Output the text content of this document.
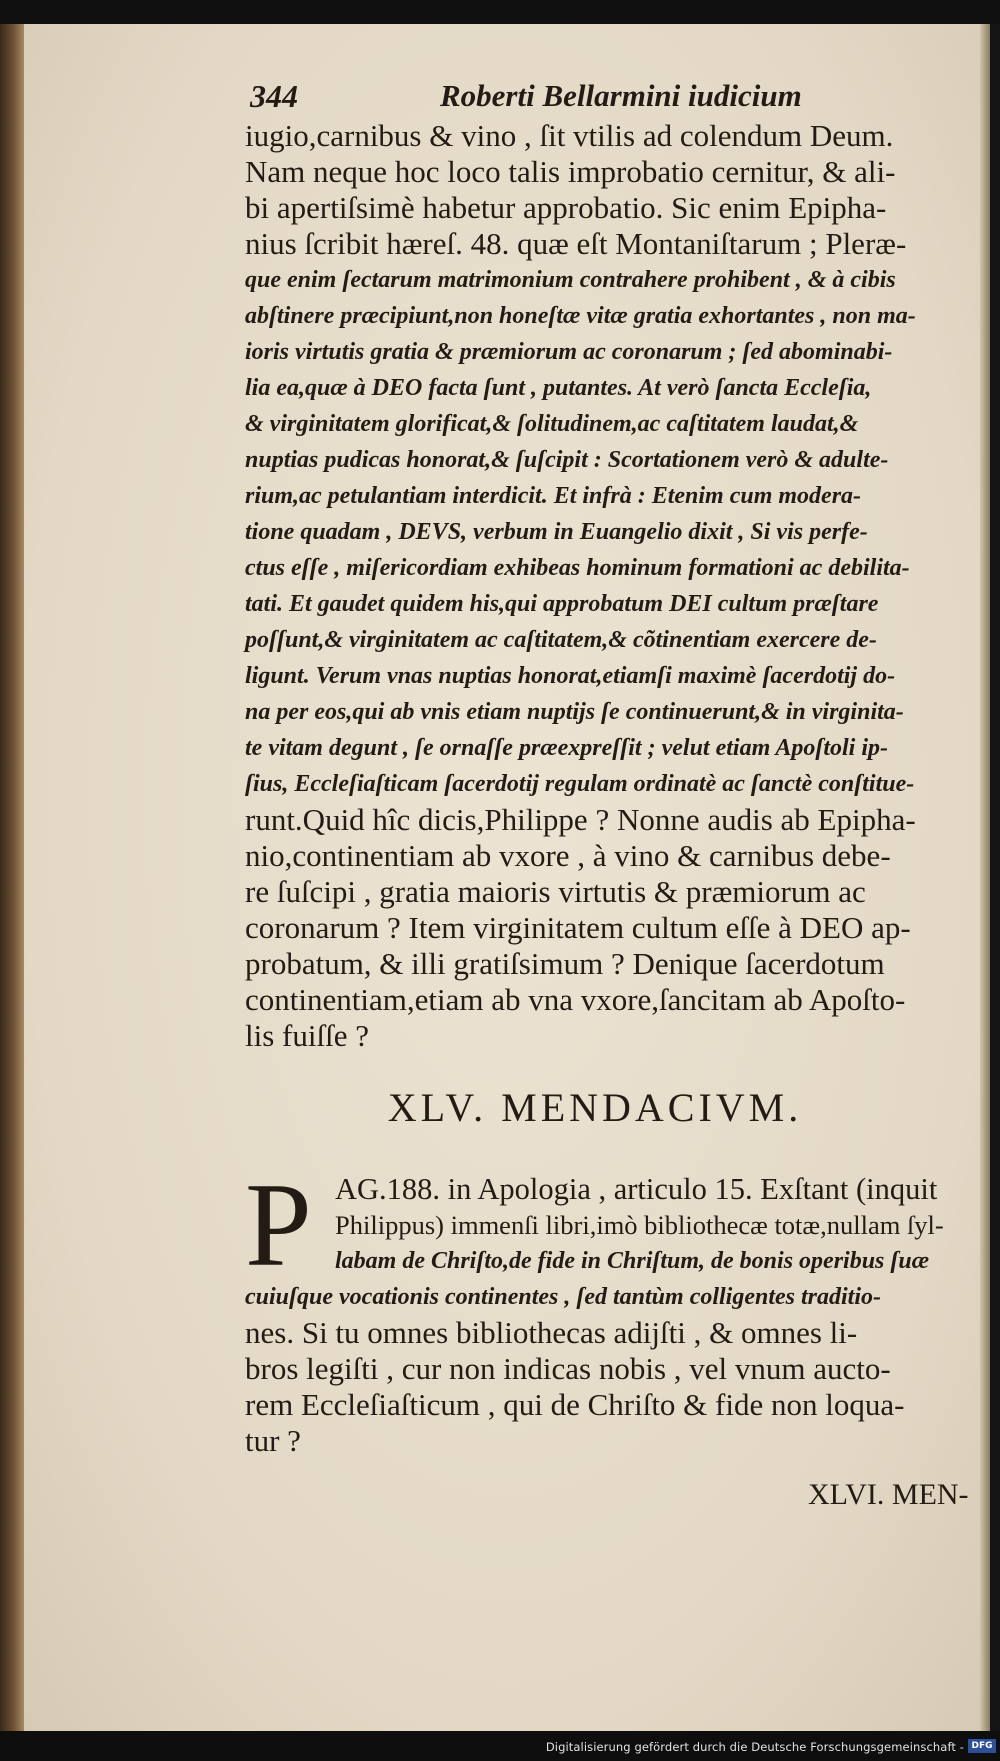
344	Roberti Bellarmini iudicium
iugio,carnibus & vino , ſit vtilis ad colendum Deum.
Nam neque hoc loco talis improbatio cernitur, & ali-
bi apertiſsimè habetur approbatio. Sic enim Epipha-
nius ſcribit hæreſ. 48. quæ eſt Montaniſtarum ; Pleræ-
que enim ſectarum matrimonium contrahere prohibent , & à cibis
abſtinere præcipiunt,non honeſtæ vitæ gratia exhortantes , non ma-
ioris virtutis gratia & præmiorum ac coronarum ; ſed abominabi-
lia ea,quæ à DEO facta ſunt , putantes. At verò ſancta Eccleſia,
& virginitatem glorificat,& ſolitudinem,ac caſtitatem laudat,&
nuptias pudicas honorat,& ſuſcipit : Scortationem verò & adulte-
rium,ac petulantiam interdicit. Et infrà : Etenim cum modera-
tione quadam , DEVS, verbum in Euangelio dixit , Si vis perfe-
ctus eſſe , miſericordiam exhibeas hominum formationi ac debilita-
tati. Et gaudet quidem his,qui approbatum DEI cultum præſtare
poſſunt,& virginitatem ac caſtitatem,& cõtinentiam exercere de-
ligunt. Verum vnas nuptias honorat,etiamſi maximè ſacerdotij do-
na per eos,qui ab vnis etiam nuptijs ſe continuerunt,& in virginita-
te vitam degunt , ſe ornaſſe præexpreſſit ; velut etiam Apoſtoli ip-
ſius, Eccleſiaſticam ſacerdotij regulam ordinatè ac ſanctè conſtitue-
runt.Quid hîc dicis,Philippe ? Nonne audis ab Epipha-
nio,continentiam ab vxore , à vino & carnibus debe-
re ſuſcipi , gratia maioris virtutis & præmiorum ac
coronarum ? Item virginitatem cultum eſſe à DEO ap-
probatum, & illi gratiſsimum ? Denique ſacerdotum
continentiam,etiam ab vna vxore,ſancitam ab Apoſto-
lis fuiſſe ?
XLV. MENDACIVM.
P AG.188. in Apologia , articulo 15. Exſtant (inquit
Philippus) immenſi libri,imò bibliothecæ totæ,nullam ſyl-
labam de Chriſto,de fide in Chriſtum, de bonis operibus ſuæ
cuiuſque vocationis continentes , ſed tantùm colligentes traditio-
nes. Si tu omnes bibliothecas adijſti , & omnes li-
bros legiſti , cur non indicas nobis , vel vnum auctо-
rem Eccleſiaſticum , qui de Chriſto & fide non loqua-
tur ?
XLVI. MEN-
Digitalisierung gefördert durch die Deutsche Forschungsgemeinschaft - DFG
